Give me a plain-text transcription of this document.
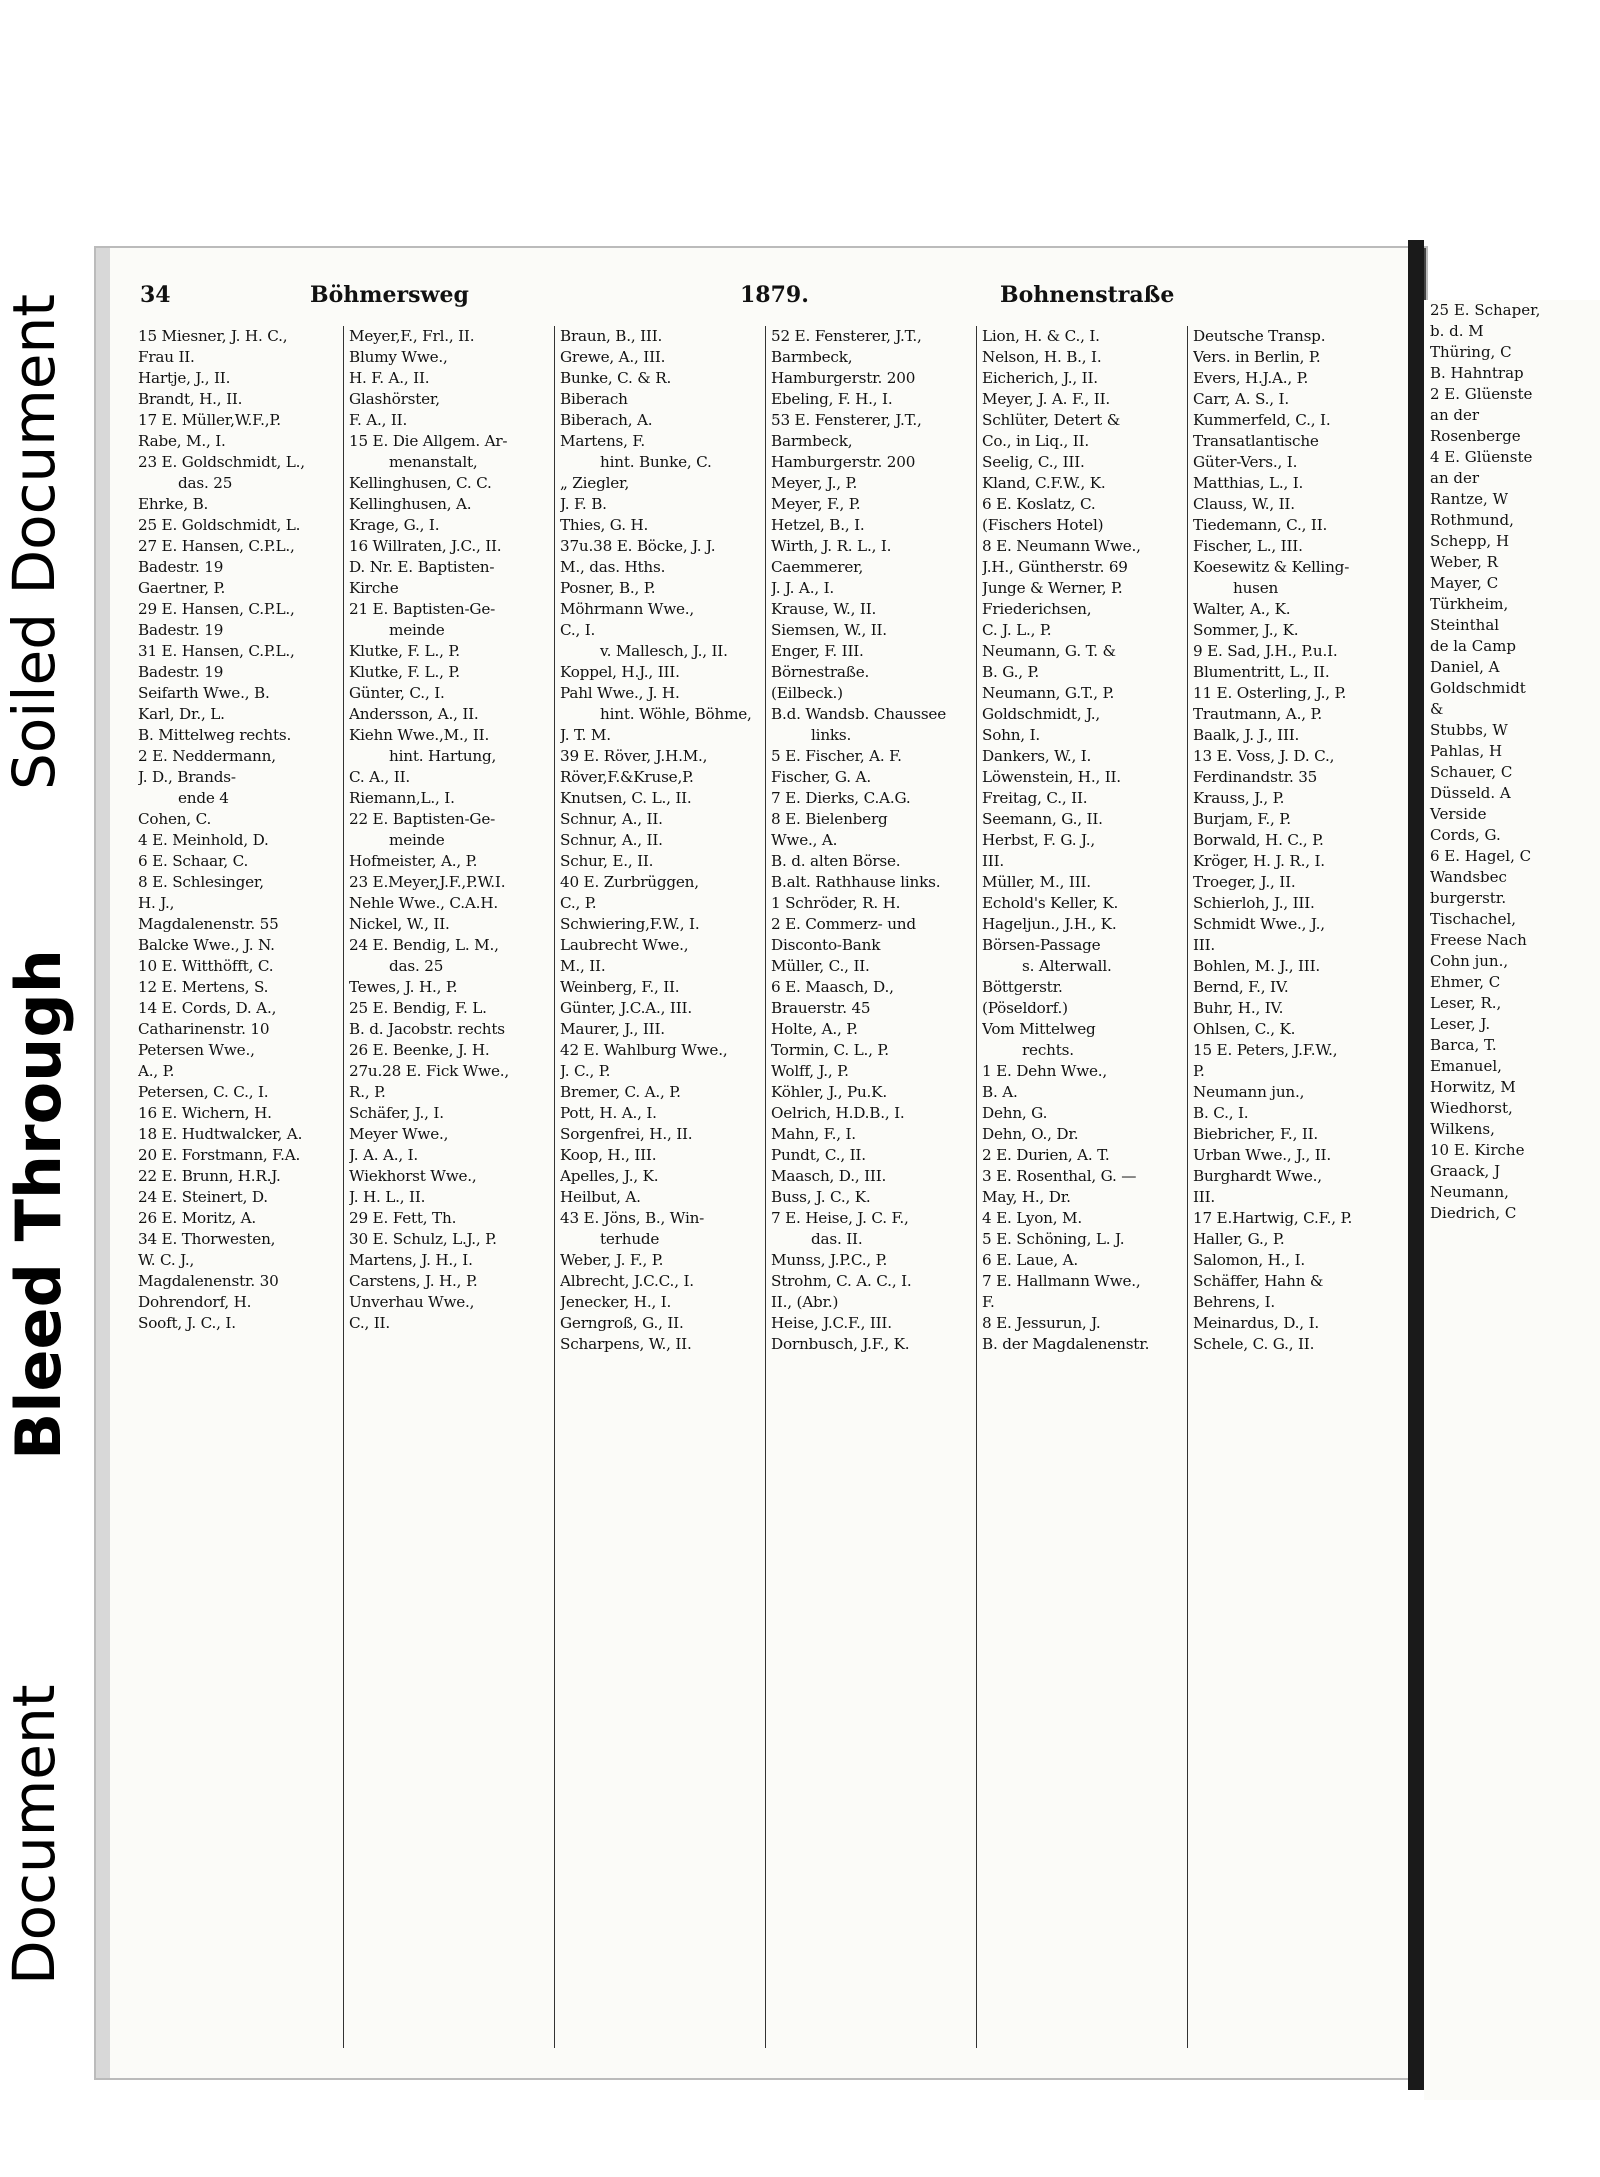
Document
Bleed Through
Soiled Document	34	Böhmersweg	1879.	Bohnenstraße
15 Miesner, J. H. C.,
Frau II.
Hartje, J., II.
Brandt, H., II.
17 E. Müller,W.F.,P.
Rabe, M., I.
23 E. Goldschmidt, L.,
das. 25
Ehrke, B.
25 E. Goldschmidt, L.
27 E. Hansen, C.P.L.,
Badestr. 19
Gaertner, P.
29 E. Hansen, C.P.L.,
Badestr. 19
31 E. Hansen, C.P.L.,
Badestr. 19
Seifarth Wwe., B.
Karl, Dr., L.
B. Mittelweg rechts.
2 E. Neddermann,
J. D., Brands-
ende 4
Cohen, C.
4 E. Meinhold, D.
6 E. Schaar, C.
8 E. Schlesinger,
H. J.,
Magdalenenstr. 55
Balcke Wwe., J. N.
10 E. Witthöfft, C.
12 E. Mertens, S.
14 E. Cords, D. A.,
Catharinenstr. 10
Petersen Wwe.,
A., P.
Petersen, C. C., I.
16 E. Wichern, H.
18 E. Hudtwalcker, A.
20 E. Forstmann, F.A.
22 E. Brunn, H.R.J.
24 E. Steinert, D.
26 E. Moritz, A.
34 E. Thorwesten,
W. C. J.,
Magdalenenstr. 30
Dohrendorf, H.
Sooft, J. C., I.
Meyer,F., Frl., II.
Blumy Wwe.,
H. F. A., II.
Glashörster,
F. A., II.
15 E. Die Allgem. Ar-
menanstalt,
Kellinghusen, C. C.
Kellinghusen, A.
Krage, G., I.
16 Willraten, J.C., II.
D. Nr. E. Baptisten-
Kirche
21 E. Baptisten-Ge-
meinde
Klutke, F. L., P.
Klutke, F. L., P.
Günter, C., I.
Andersson, A., II.
Kiehn Wwe.,M., II.
hint. Hartung,
C. A., II.
Riemann,L., I.
22 E. Baptisten-Ge-
meinde
Hofmeister, A., P.
23 E.Meyer,J.F.,P.W.I.
Nehle Wwe., C.A.H.
Nickel, W., II.
24 E. Bendig, L. M.,
das. 25
Tewes, J. H., P.
25 E. Bendig, F. L.
B. d. Jacobstr. rechts
26 E. Beenke, J. H.
27u.28 E. Fick Wwe.,
R., P.
Schäfer, J., I.
Meyer Wwe.,
J. A. A., I.
Wiekhorst Wwe.,
J. H. L., II.
29 E. Fett, Th.
30 E. Schulz, L.J., P.
Martens, J. H., I.
Carstens, J. H., P.
Unverhau Wwe.,
C., II.
Braun, B., III.
Grewe, A., III.
Bunke, C. & R.
Biberach
Biberach, A.
Martens, F.
hint. Bunke, C.
„ Ziegler,
J. F. B.
Thies, G. H.
37u.38 E. Böcke, J. J.
M., das. Hths.
Posner, B., P.
Möhrmann Wwe.,
C., I.
v. Mallesch, J., II.
Koppel, H.J., III.
Pahl Wwe., J. H.
hint. Wöhle, Böhme,
J. T. M.
39 E. Röver, J.H.M.,
Röver,F.&Kruse,P.
Knutsen, C. L., II.
Schnur, A., II.
Schnur, A., II.
Schur, E., II.
40 E. Zurbrüggen,
C., P.
Schwiering,F.W., I.
Laubrecht Wwe.,
M., II.
Weinberg, F., II.
Günter, J.C.A., III.
Maurer, J., III.
42 E. Wahlburg Wwe.,
J. C., P.
Bremer, C. A., P.
Pott, H. A., I.
Sorgenfrei, H., II.
Koop, H., III.
Apelles, J., K.
Heilbut, A.
43 E. Jöns, B., Win-
terhude
Weber, J. F., P.
Albrecht, J.C.C., I.
Jenecker, H., I.
Gerngroß, G., II.
Scharpens, W., II.
52 E. Fensterer, J.T.,
Barmbeck,
Hamburgerstr. 200
Ebeling, F. H., I.
53 E. Fensterer, J.T.,
Barmbeck,
Hamburgerstr. 200
Meyer, J., P.
Meyer, F., P.
Hetzel, B., I.
Wirth, J. R. L., I.
Caemmerer,
J. J. A., I.
Krause, W., II.
Siemsen, W., II.
Enger, F. III.
Börnestraße.
(Eilbeck.)
B.d. Wandsb. Chaussee
links.
5 E. Fischer, A. F.
Fischer, G. A.
7 E. Dierks, C.A.G.
8 E. Bielenberg
Wwe., A.
B. d. alten Börse.
B.alt. Rathhause links.
1 Schröder, R. H.
2 E. Commerz- und
Disconto-Bank
Müller, C., II.
6 E. Maasch, D.,
Brauerstr. 45
Holte, A., P.
Tormin, C. L., P.
Wolff, J., P.
Köhler, J., Pu.K.
Oelrich, H.D.B., I.
Mahn, F., I.
Pundt, C., II.
Maasch, D., III.
Buss, J. C., K.
7 E. Heise, J. C. F.,
das. II.
Munss, J.P.C., P.
Strohm, C. A. C., I.
II., (Abr.)
Heise, J.C.F., III.
Dornbusch, J.F., K.
Lion, H. & C., I.
Nelson, H. B., I.
Eicherich, J., II.
Meyer, J. A. F., II.
Schlüter, Detert &
Co., in Liq., II.
Seelig, C., III.
Kland, C.F.W., K.
6 E. Koslatz, C.
(Fischers Hotel)
8 E. Neumann Wwe.,
J.H., Güntherstr. 69
Junge & Werner, P.
Friederichsen,
C. J. L., P.
Neumann, G. T. &
B. G., P.
Neumann, G.T., P.
Goldschmidt, J.,
Sohn, I.
Dankers, W., I.
Löwenstein, H., II.
Freitag, C., II.
Seemann, G., II.
Herbst, F. G. J.,
III.
Müller, M., III.
Echold's Keller, K.
Hageljun., J.H., K.
Börsen-Passage
s. Alterwall.
Böttgerstr.
(Pöseldorf.)
Vom Mittelweg
rechts.
1 E. Dehn Wwe.,
B. A.
Dehn, G.
Dehn, O., Dr.
2 E. Durien, A. T.
3 E. Rosenthal, G. —
May, H., Dr.
4 E. Lyon, M.
5 E. Schöning, L. J.
6 E. Laue, A.
7 E. Hallmann Wwe.,
F.
8 E. Jessurun, J.
B. der Magdalenenstr.
Deutsche Transp.
Vers. in Berlin, P.
Evers, H.J.A., P.
Carr, A. S., I.
Kummerfeld, C., I.
Transatlantische
Güter-Vers., I.
Matthias, L., I.
Clauss, W., II.
Tiedemann, C., II.
Fischer, L., III.
Koesewitz & Kelling-
husen
Walter, A., K.
Sommer, J., K.
9 E. Sad, J.H., P.u.I.
Blumentritt, L., II.
11 E. Osterling, J., P.
Trautmann, A., P.
Baalk, J. J., III.
13 E. Voss, J. D. C.,
Ferdinandstr. 35
Krauss, J., P.
Burjam, F., P.
Borwald, H. C., P.
Kröger, H. J. R., I.
Troeger, J., II.
Schierloh, J., III.
Schmidt Wwe., J.,
III.
Bohlen, M. J., III.
Bernd, F., IV.
Buhr, H., IV.
Ohlsen, C., K.
15 E. Peters, J.F.W.,
P.
Neumann jun.,
B. C., I.
Biebricher, F., II.
Urban Wwe., J., II.
Burghardt Wwe.,
III.
17 E.Hartwig, C.F., P.
Haller, G., P.
Salomon, H., I.
Schäffer, Hahn &
Behrens, I.
Meinardus, D., I.
Schele, C. G., II.
25 E. Schaper,
b. d. M
Thüring, C
B. Hahntrap
2 E. Glüenste
an der
Rosenberge
4 E. Glüenste
an der
Rantze, W
Rothmund,
Schepp, H
Weber, R
Mayer, C
Türkheim,
Steinthal
de la Camp
Daniel, A
Goldschmidt
&
Stubbs, W
Pahlas, H
Schauer, C
Düsseld. A
Verside
Cords, G.
6 E. Hagel, C
Wandsbec
burgerstr.
Tischachel,
Freese Nach
Cohn jun.,
Ehmer, C
Leser, R.,
Leser, J.
Barca, T.
Emanuel,
Horwitz, M
Wiedhorst,
Wilkens,
10 E. Kirche
Graack, J
Neumann,
Diedrich, C
